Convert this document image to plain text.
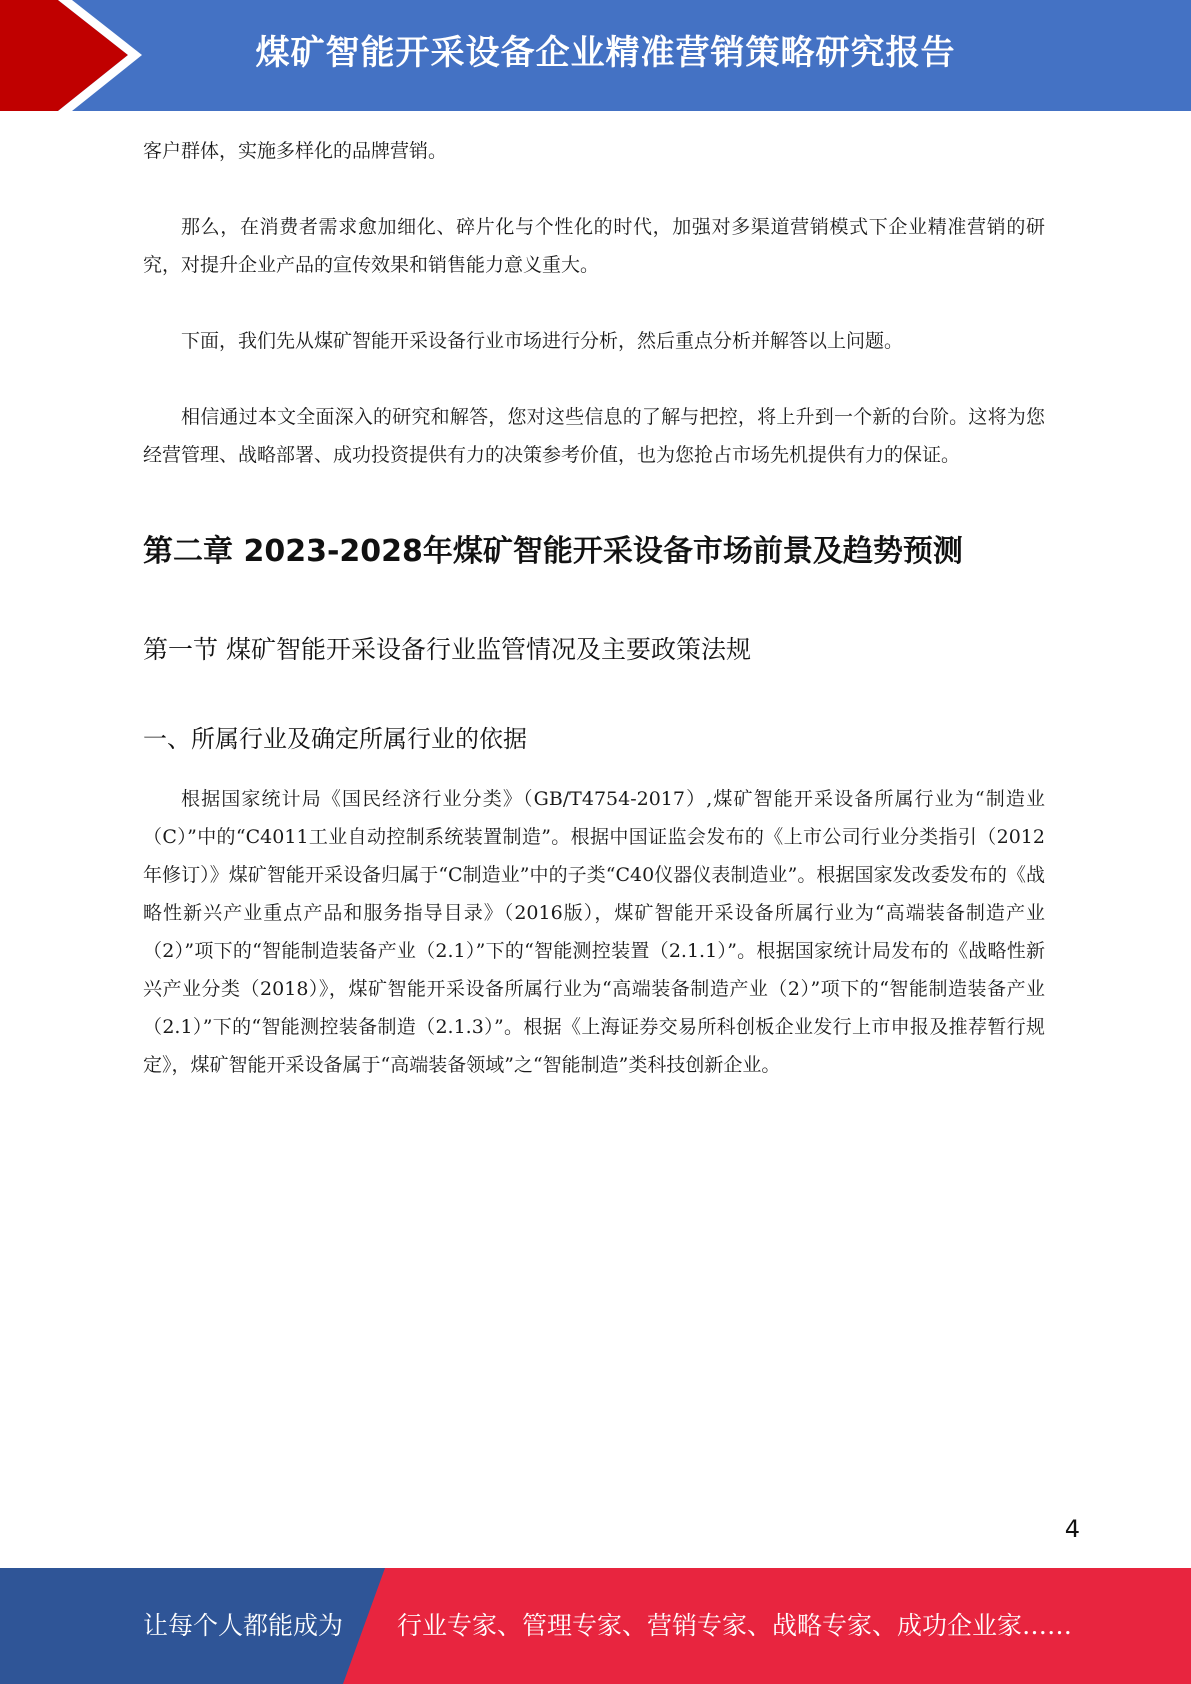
煤矿智能开采设备企业精准营销策略研究报告

客户群体，实施多样化的品牌营销。

那么，在消费者需求愈加细化、碎片化与个性化的时代，加强对多渠道营销模式下企业精准营销的研究，对提升企业产品的宣传效果和销售能力意义重大。

下面，我们先从煤矿智能开采设备行业市场进行分析，然后重点分析并解答以上问题。

相信通过本文全面深入的研究和解答，您对这些信息的了解与把控，将上升到一个新的台阶。这将为您经营管理、战略部署、成功投资提供有力的决策参考价值，也为您抢占市场先机提供有力的保证。

第二章 2023-2028年煤矿智能开采设备市场前景及趋势预测
第一节 煤矿智能开采设备行业监管情况及主要政策法规
一、所属行业及确定所属行业的依据

根据国家统计局《国民经济行业分类》（GB/T4754-2017）,煤矿智能开采设备所属行业为“制造业（C）”中的“C4011工业自动控制系统装置制造”。根据中国证监会发布的《上市公司行业分类指引（2012年修订）》煤矿智能开采设备归属于“C制造业”中的子类“C40仪器仪表制造业”。根据国家发改委发布的《战略性新兴产业重点产品和服务指导目录》（2016版），煤矿智能开采设备所属行业为“高端装备制造产业（2）”项下的“智能制造装备产业（2.1）”下的“智能测控装置（2.1.1）”。根据国家统计局发布的《战略性新兴产业分类（2018）》，煤矿智能开采设备所属行业为“高端装备制造产业（2）”项下的“智能制造装备产业（2.1）”下的“智能测控装备制造（2.1.3）”。根据《上海证券交易所科创板企业发行上市申报及推荐暂行规定》，煤矿智能开采设备属于“高端装备领域”之“智能制造”类科技创新企业。

4
让每个人都能成为 行业专家、管理专家、营销专家、战略专家、成功企业家……
